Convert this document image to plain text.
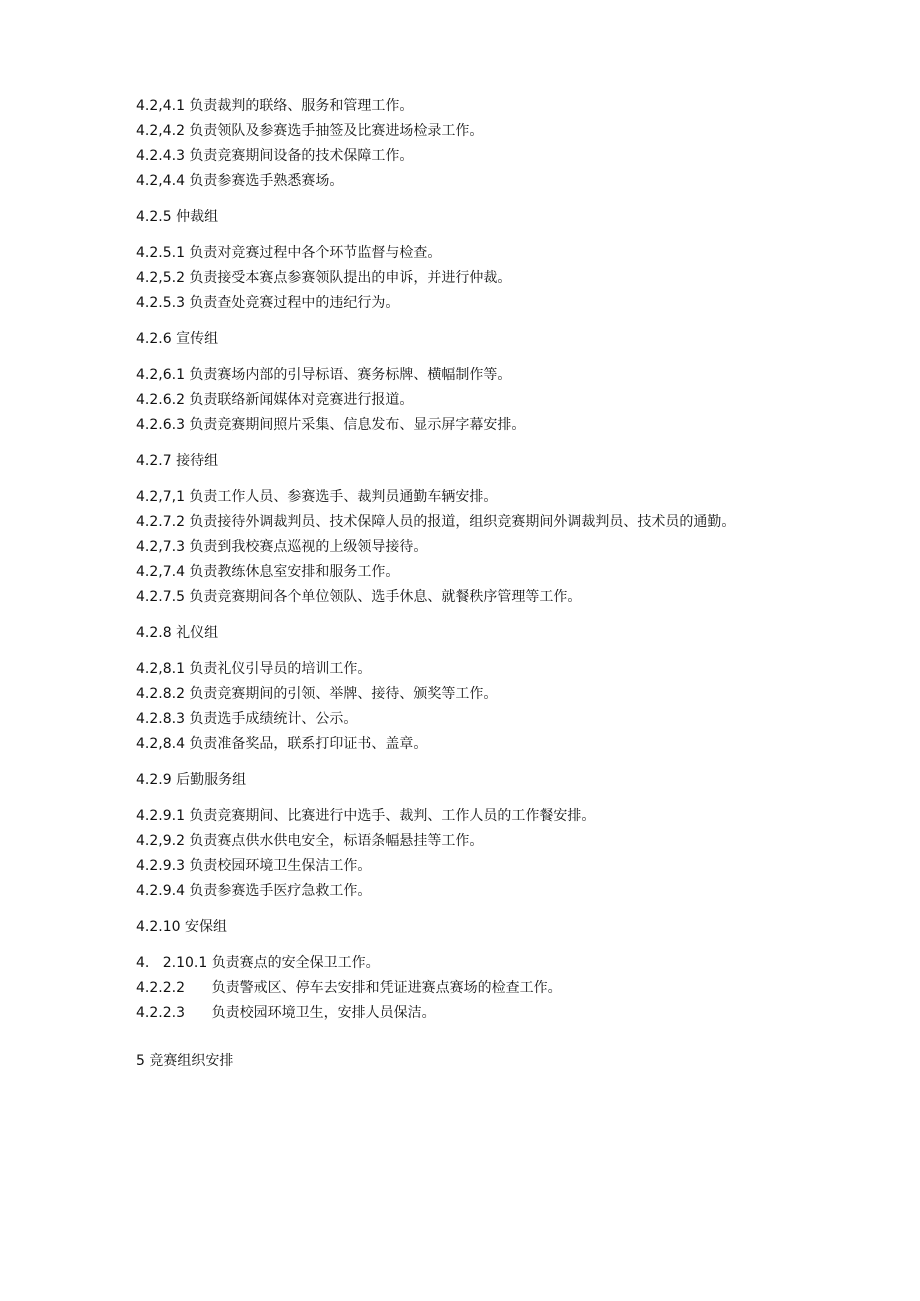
4.2,4.1 负责裁判的联络、服务和管理工作。
4.2,4.2 负责领队及参赛选手抽签及比赛进场检录工作。
4.2.4.3 负责竞赛期间设备的技术保障工作。
4.2,4.4 负责参赛选手熟悉赛场。
4.2.5 仲裁组
4.2.5.1 负责对竞赛过程中各个环节监督与检查。
4.2,5.2 负责接受本赛点参赛领队提出的申诉，并进行仲裁。
4.2.5.3 负责查处竞赛过程中的违纪行为。
4.2.6 宣传组
4.2,6.1 负责赛场内部的引导标语、赛务标牌、横幅制作等。
4.2.6.2 负责联络新闻媒体对竞赛进行报道。
4.2.6.3 负责竞赛期间照片采集、信息发布、显示屏字幕安排。
4.2.7 接待组
4.2,7,1 负责工作人员、参赛选手、裁判员通勤车辆安排。
4.2.7.2 负责接待外调裁判员、技术保障人员的报道，组织竞赛期间外调裁判员、技术员的通勤。
4.2,7.3 负责到我校赛点巡视的上级领导接待。
4.2,7.4 负责教练休息室安排和服务工作。
4.2.7.5 负责竞赛期间各个单位领队、选手休息、就餐秩序管理等工作。
4.2.8 礼仪组
4.2,8.1 负责礼仪引导员的培训工作。
4.2.8.2 负责竞赛期间的引领、举牌、接待、颁奖等工作。
4.2.8.3 负责选手成绩统计、公示。
4.2,8.4 负责准备奖品，联系打印证书、盖章。
4.2.9 后勤服务组
4.2.9.1 负责竞赛期间、比赛进行中选手、裁判、工作人员的工作餐安排。
4.2,9.2 负责赛点供水供电安全，标语条幅悬挂等工作。
4.2.9.3 负责校园环境卫生保洁工作。
4.2.9.4 负责参赛选手医疗急救工作。
4.2.10 安保组
4.   2.10.1 负责赛点的安全保卫工作。
4.2.2.2      负责警戒区、停车去安排和凭证进赛点赛场的检查工作。
4.2.2.3      负责校园环境卫生，安排人员保洁。
5 竞赛组织安排
